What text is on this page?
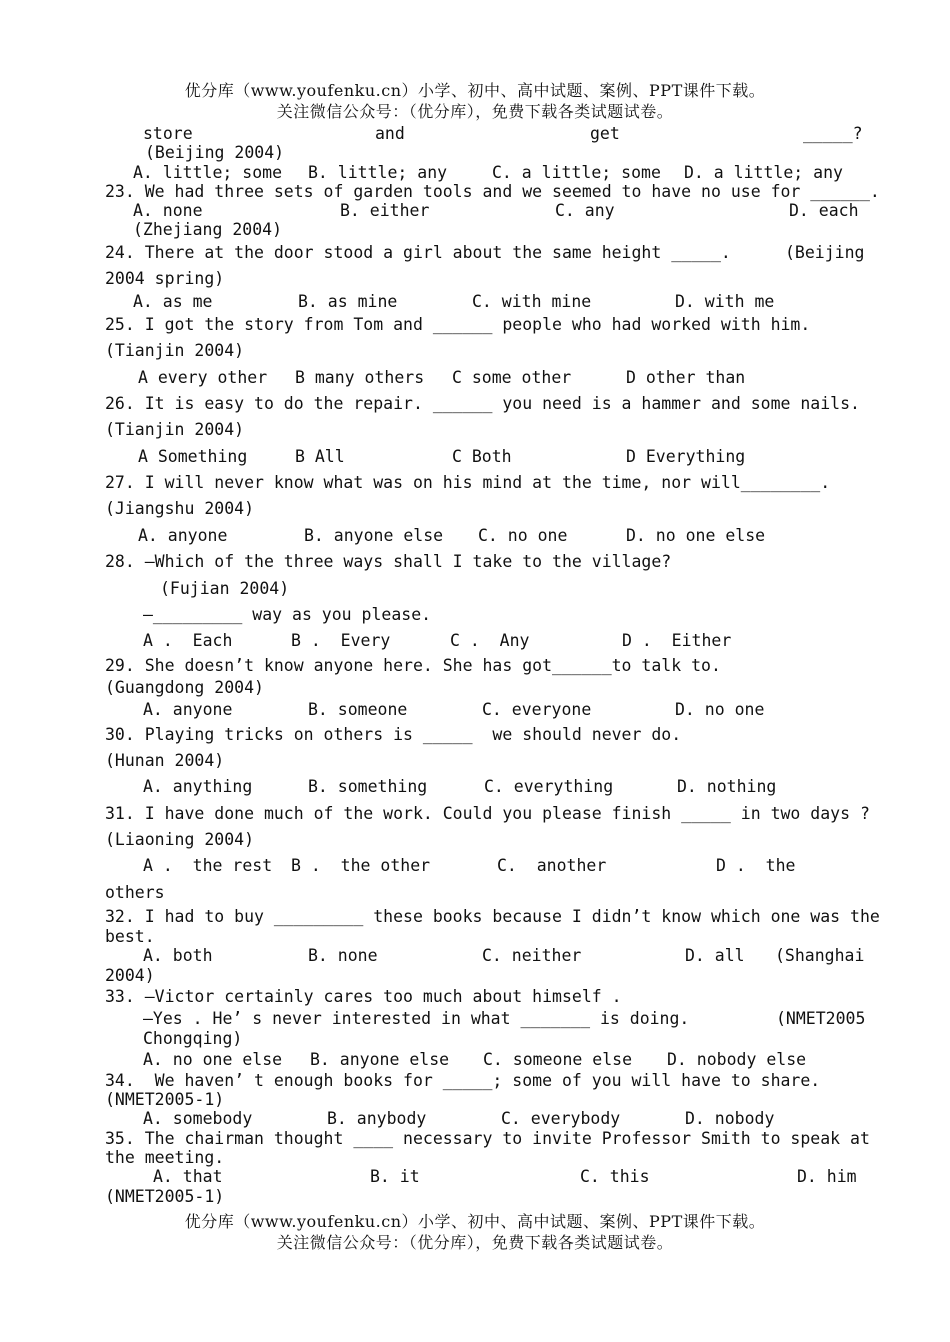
优分库（www.youfenku.cn）小学、初中、高中试题、案例、PPT课件下载。
关注微信公众号：（优分库），免费下载各类试题试卷。
store	and	get	_____?
(Beijing 2004)
A. little; some B. little; any	C. a little; some D. a little; any
23. We had three sets of garden tools and we seemed to have no use for ______.
A. none	B. either	C. any	D. each
(Zhejiang 2004)
24. There at the door stood a girl about the same height _____.	(Beijing
2004 spring)
A. as me	B. as mine	C. with mine	D. with me
25. I got the story from Tom and ______ people who had worked with him.
(Tianjin 2004)
A every other B many others C some other	D other than
26. It is easy to do the repair. ______ you need is a hammer and some nails.
(Tianjin 2004)
A Something	B All	C Both	D Everything
27. I will never know what was on his mind at the time, nor will________.
(Jiangshu 2004)
A. anyone	B. anyone else C. no one	D. no one else
28. —Which of the three ways shall I take to the village?
(Fujian 2004)
—_________ way as you please.
A .  Each	B .  Every	C .  Any	D .  Either
29. She doesn’t know anyone here. She has got______to talk to.
(Guangdong 2004)
A. anyone	B. someone	C. everyone	D. no one
30. Playing tricks on others is _____  we should never do.
(Hunan 2004)
A. anything	B. something	C. everything	D. nothing
31. I have done much of the work. Could you please finish _____ in two days ?
(Liaoning 2004)
A .  the rest B .  the other	C.  another	D .  the
others
32. I had to buy _________ these books because I didn’t know which one was the
best.
A. both	B. none	C. neither	D. all (Shanghai
2004)
33. —Victor certainly cares too much about himself .
—Yes . He’ s never interested in what _______ is doing.	(NMET2005
Chongqing)
A. no one else B. anyone else C. someone else D. nobody else
34.  We haven’ t enough books for _____; some of you will have to share.
(NMET2005-1)
A. somebody	B. anybody	C. everybody	D. nobody
35. The chairman thought ____ necessary to invite Professor Smith to speak at
the meeting.
A. that	B. it	C. this	D. him
(NMET2005-1)
优分库（www.youfenku.cn）小学、初中、高中试题、案例、PPT课件下载。
关注微信公众号：（优分库），免费下载各类试题试卷。
